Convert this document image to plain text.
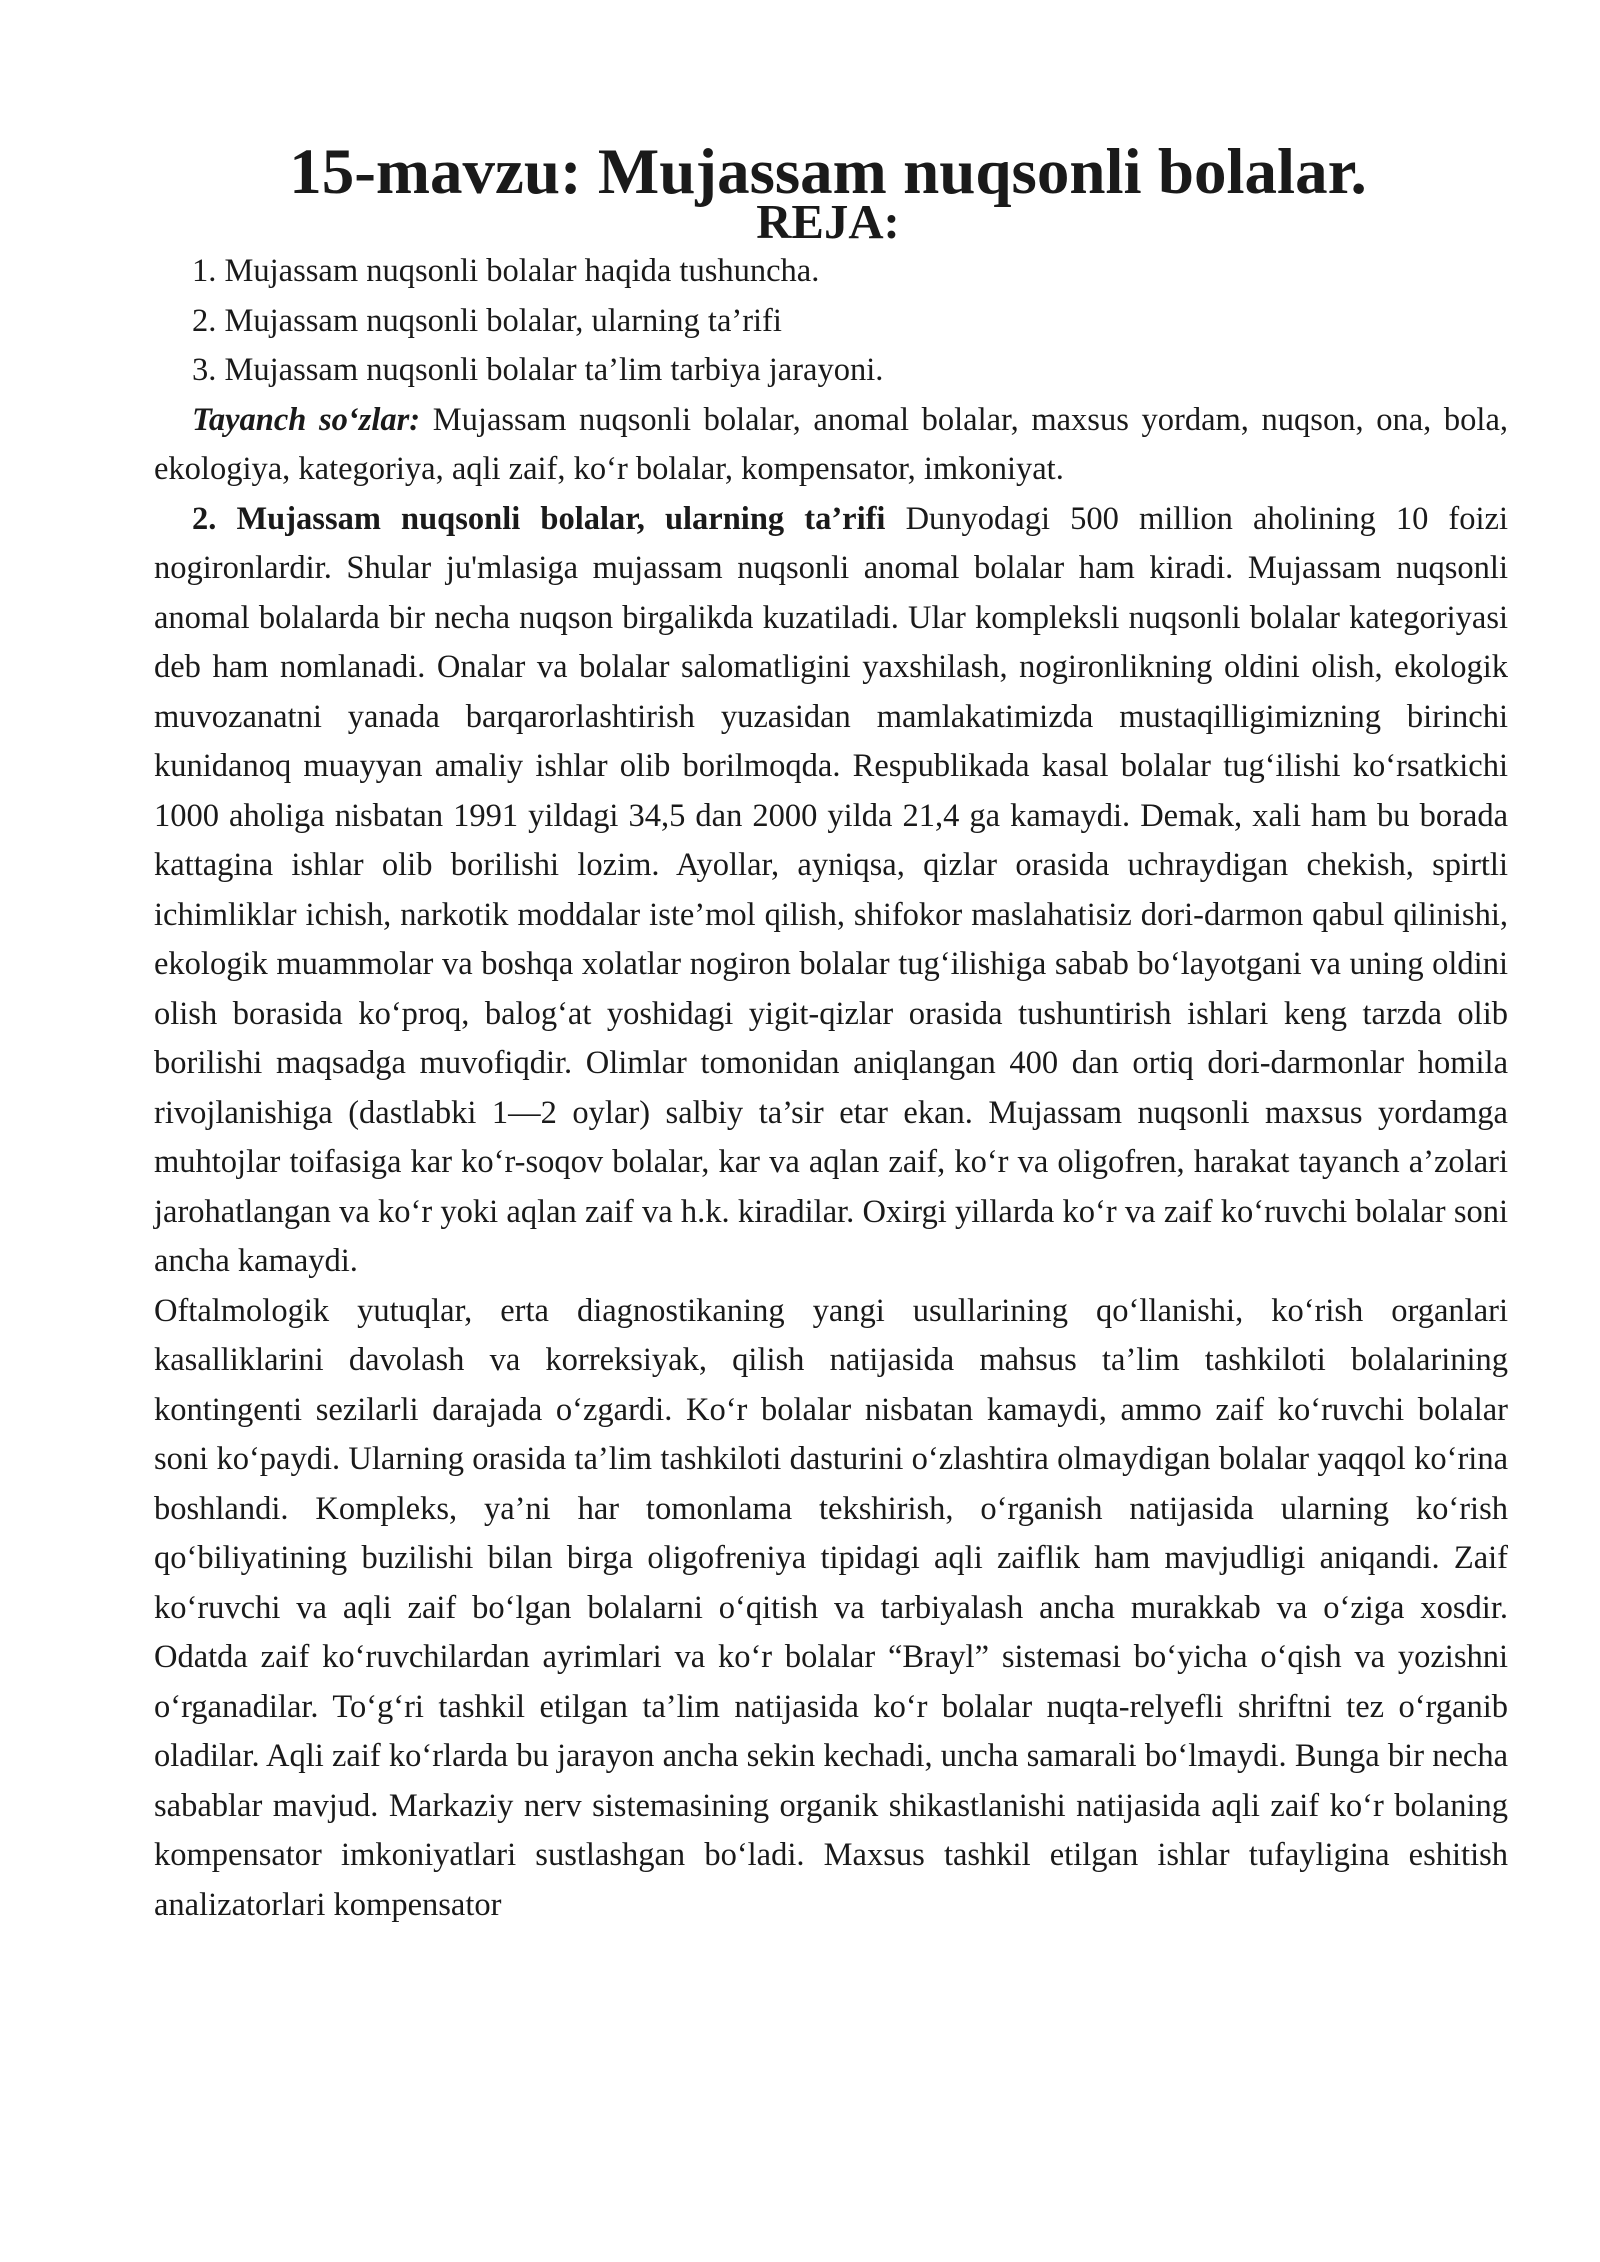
15-mavzu: Mujassam nuqsonli bolalar.
REJA:
1. Mujassam nuqsonli bolalar haqida tushuncha.
2. Mujassam nuqsonli bolalar, ularning ta’rifi
3. Mujassam nuqsonli bolalar ta’lim tarbiya jarayoni.

Tayanch so‘zlar: Mujassam nuqsonli bolalar, anomal bolalar, maxsus yordam, nuqson, ona, bola, ekologiya, kategoriya, aqli zaif, ko‘r bolalar, kompensator, imkoniyat.

2. Mujassam nuqsonli bolalar, ularning ta’rifi Dunyodagi 500 million aholining 10 foizi nogironlardir. Shular ju'mlasiga mujassam nuqsonli anomal bolalar ham kiradi. Mujassam nuqsonli anomal bolalarda bir necha nuqson birgalikda kuzatiladi. Ular kompleksli nuqsonli bolalar kategoriyasi deb ham nomlanadi. Onalar va bolalar salomatligini yaxshilash, nogironlikning oldini olish, ekologik muvozanatni yanada barqarorlashtirish yuzasidan mamlakatimizda mustaqilligimizning birinchi kunidanoq muayyan amaliy ishlar olib borilmoqda. Respublikada kasal bolalar tug‘ilishi ko‘rsatkichi 1000 aholiga nisbatan 1991 yildagi 34,5 dan 2000 yilda 21,4 ga kamaydi. Demak, xali ham bu borada kattagina ishlar olib borilishi lozim. Ayollar, ayniqsa, qizlar orasida uchraydigan chekish, spirtli ichimliklar ichish, narkotik moddalar iste’mol qilish, shifokor maslahatisiz dori-darmon qabul qilinishi, ekologik muammolar va boshqa xolatlar nogiron bolalar tug‘ilishiga sabab bo‘layotgani va uning oldini olish borasida ko‘proq, balog‘at yoshidagi yigit-qizlar orasida tushuntirish ishlari keng tarzda olib borilishi maqsadga muvofiqdir. Olimlar tomonidan aniqlangan 400 dan ortiq dori-darmonlar homila rivojlanishiga (dastlabki 1—2 oylar) salbiy ta’sir etar ekan. Mujassam nuqsonli maxsus yordamga muhtojlar toifasiga kar ko‘r-soqov bolalar, kar va aqlan zaif, ko‘r va oligofren, harakat tayanch a’zolari jarohatlangan va ko‘r yoki aqlan zaif va h.k. kiradilar. Oxirgi yillarda ko‘r va zaif ko‘ruvchi bolalar soni ancha kamaydi.

Oftalmologik yutuqlar, erta diagnostikaning yangi usullarining qo‘llanishi, ko‘rish organlari kasalliklarini davolash va korreksiyak, qilish natijasida mahsus ta’lim tashkiloti bolalarining kontingenti sezilarli darajada o‘zgardi. Ko‘r bolalar nisbatan kamaydi, ammo zaif ko‘ruvchi bolalar soni ko‘paydi. Ularning orasida ta’lim tashkiloti dasturini o‘zlashtira olmaydigan bolalar yaqqol ko‘rina boshlandi. Kompleks, ya’ni har tomonlama tekshirish, o‘rganish natijasida ularning ko‘rish qo‘biliyatining buzilishi bilan birga oligofreniya tipidagi aqli zaiflik ham mavjudligi aniqandi. Zaif ko‘ruvchi va aqli zaif bo‘lgan bolalarni o‘qitish va tarbiyalash ancha murakkab va o‘ziga xosdir. Odatda zaif ko‘ruvchilardan ayrimlari va ko‘r bolalar “Brayl” sistemasi bo‘yicha o‘qish va yozishni o‘rganadilar. To‘g‘ri tashkil etilgan ta’lim natijasida ko‘r bolalar nuqta-relyefli shriftni tez o‘rganib oladilar. Aqli zaif ko‘rlarda bu jarayon ancha sekin kechadi, uncha samarali bo‘lmaydi. Bunga bir necha sabablar mavjud. Markaziy nerv sistemasining organik shikastlanishi natijasida aqli zaif ko‘r bolaning kompensator imkoniyatlari sustlashgan bo‘ladi. Maxsus tashkil etilgan ishlar tufayligina eshitish analizatorlari kompensator
